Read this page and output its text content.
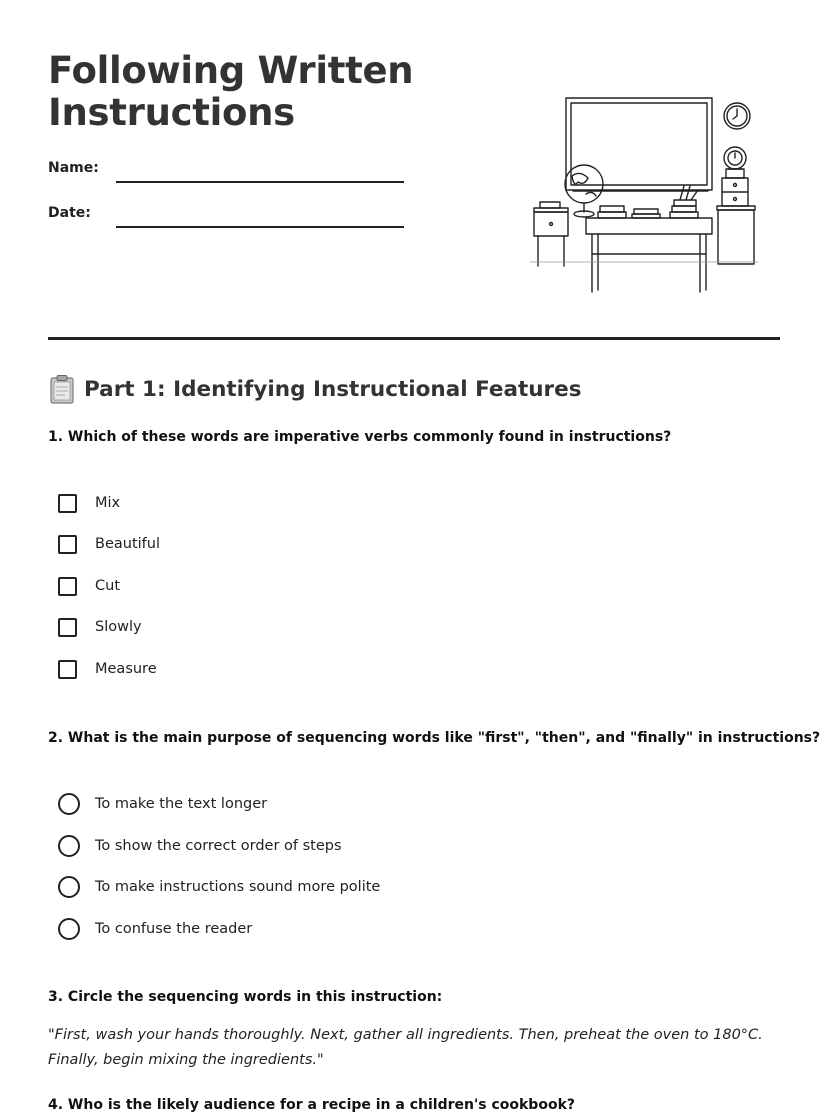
Following Written Instructions
Name:
Date:
Part 1: Identifying Instructional Features
1. Which of these words are imperative verbs commonly found in instructions?
Mix
Beautiful
Cut
Slowly
Measure
2. What is the main purpose of sequencing words like "first", "then", and "finally" in instructions?
To make the text longer
To show the correct order of steps
To make instructions sound more polite
To confuse the reader
3. Circle the sequencing words in this instruction:

"First, wash your hands thoroughly. Next, gather all ingredients. Then, preheat the oven to 180°C. Finally, begin mixing the ingredients."

4. Who is the likely audience for a recipe in a children's cookbook?
